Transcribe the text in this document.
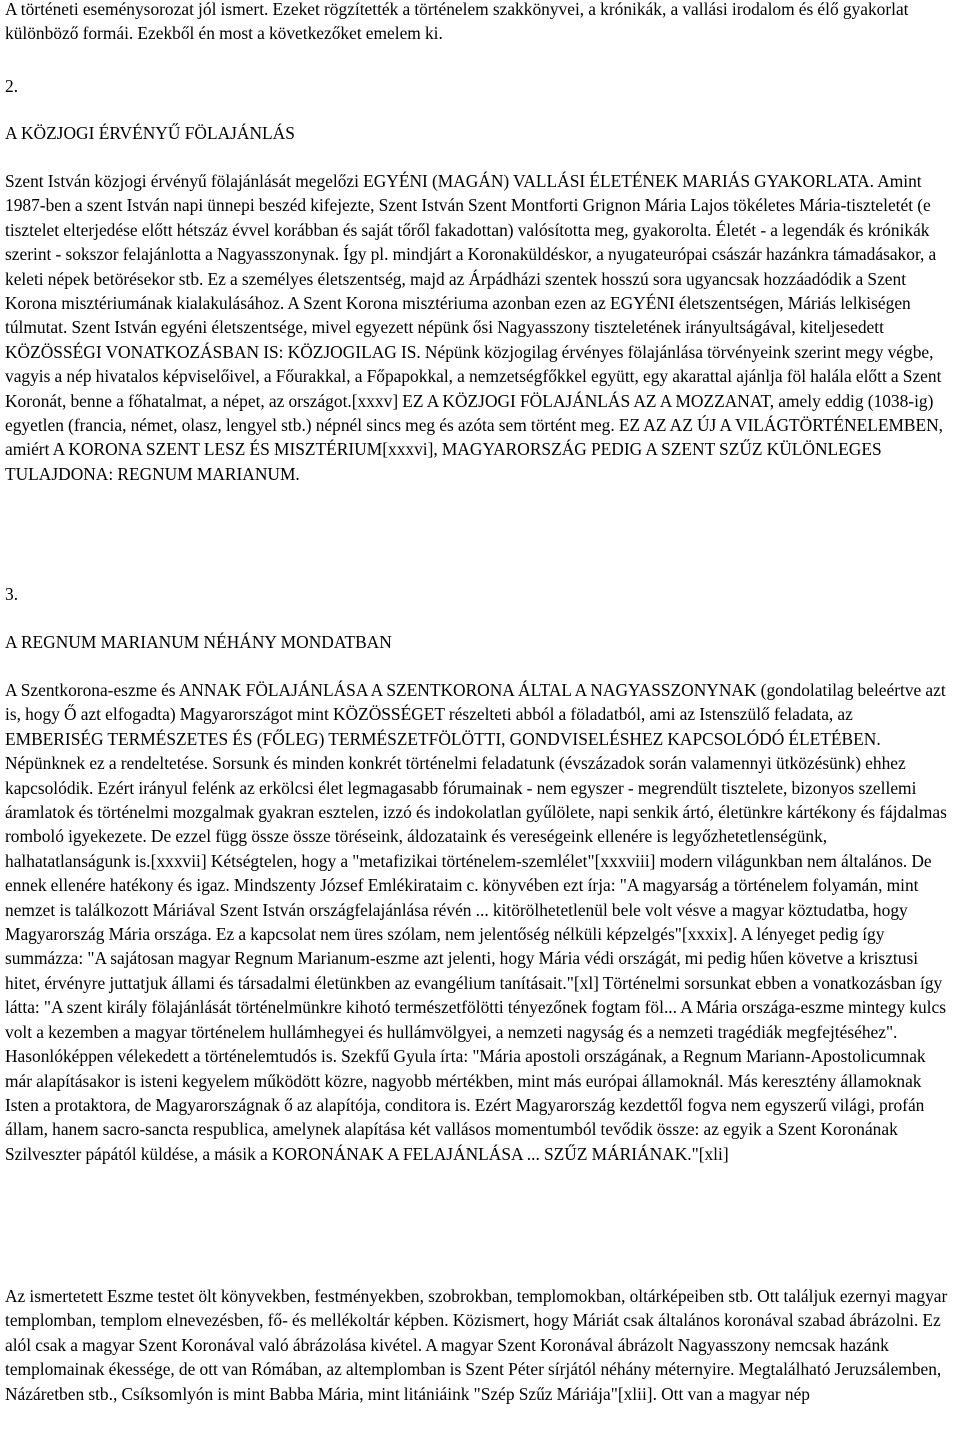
A történeti eseménysorozat jól ismert. Ezeket rögzítették a történelem szakkönyvei, a krónikák, a vallási irodalom és élő gyakorlat különböző formái. Ezekből én most a következőket emelem ki.

2.

A KÖZJOGI ÉRVÉNYŰ FÖLAJÁNLÁS

Szent István közjogi érvényű fölajánlását megelőzi EGYÉNI (MAGÁN) VALLÁSI ÉLETÉNEK MARIÁS GYAKORLATA. Amint 1987-ben a szent István napi ünnepi beszéd kifejezte, Szent István Szent Montforti Grignon Mária Lajos tökéletes Mária-tiszteletét (e tisztelet elterjedése előtt hétszáz évvel korábban és saját tőről fakadottan) valósította meg, gyakorolta. Életét - a legendák és krónikák szerint - sokszor felajánlotta a Nagyasszonynak. Így pl. mindjárt a Koronaküldéskor, a nyugateurópai császár hazánkra támadásakor, a keleti népek betörésekor stb. Ez a személyes életszentség, majd az Árpádházi szentek hosszú sora ugyancsak hozzáadódik a Szent Korona misztériumának kialakulásához. A Szent Korona misztériuma azonban ezen az EGYÉNI életszentségen, Máriás lelkiségen túlmutat. Szent István egyéni életszentsége, mivel egyezett népünk ősi Nagyasszony tiszteletének irányultságával, kiteljesedett KÖZÖSSÉGI VONATKOZÁSBAN IS: KÖZJOGILAG IS. Népünk közjogilag érvényes fölajánlása törvényeink szerint megy végbe, vagyis a nép hivatalos képviselőivel, a Főurakkal, a Főpapokkal, a nemzetségfőkkel együtt, egy akarattal ajánlja föl halála előtt a Szent Koronát, benne a főhatalmat, a népet, az országot.[xxxv] EZ A KÖZJOGI FÖLAJÁNLÁS AZ A MOZZANAT, amely eddig (1038-ig) egyetlen (francia, német, olasz, lengyel stb.) népnél sincs meg és azóta sem történt meg. EZ AZ AZ ÚJ A VILÁGTÖRTÉNELEMBEN, amiért A KORONA SZENT LESZ ÉS MISZTÉRIUM[xxxvi], MAGYARORSZÁG PEDIG A SZENT SZŰZ KÜLÖNLEGES TULAJDONA: REGNUM MARIANUM.

3.

A REGNUM MARIANUM NÉHÁNY MONDATBAN

A Szentkorona-eszme és ANNAK FÖLAJÁNLÁSA A SZENTKORONA ÁLTAL A NAGYASSZONYNAK (gondolatilag beleértve azt is, hogy Ő azt elfogadta) Magyarországot mint KÖZÖSSÉGET részelteti abból a föladatból, ami az Istenszülő feladata, az EMBERISÉG TERMÉSZETES ÉS (FŐLEG) TERMÉSZETFÖLÖTTI, GONDVISELÉSHEZ KAPCSOLÓDÓ ÉLETÉBEN. Népünknek ez a rendeltetése. Sorsunk és minden konkrét történelmi feladatunk (évszázadok során valamennyi ütközésünk) ehhez kapcsolódik. Ezért irányul felénk az erkölcsi élet legmagasabb fórumainak - nem egyszer - megrendült tisztelete, bizonyos szellemi áramlatok és történelmi mozgalmak gyakran esztelen, izzó és indokolatlan gyűlölete, napi senkik ártó, életünkre kártékony és fájdalmas romboló igyekezete. De ezzel függ össze össze töréseink, áldozataink és vereségeink ellenére is legyőzhetetlenségünk, halhatatlanságunk is.[xxxvii] Kétségtelen, hogy a "metafizikai történelem-szemlélet"[xxxviii] modern világunkban nem általános. De ennek ellenére hatékony és igaz. Mindszenty József Emlékirataim c. könyvében ezt írja: "A magyarság a történelem folyamán, mint nemzet is találkozott Máriával Szent István országfelajánlása révén ... kitörölhetetlenül bele volt vésve a magyar köztudatba, hogy Magyarország Mária országa. Ez a kapcsolat nem üres szólam, nem jelentőség nélküli képzelgés"[xxxix]. A lényeget pedig így summázza: "A sajátosan magyar Regnum Marianum-eszme azt jelenti, hogy Mária védi országát, mi pedig hűen követve a krisztusi hitet, érvényre juttatjuk állami és társadalmi életünkben az evangélium tanításait."[xl] Történelmi sorsunkat ebben a vonatkozásban így látta: "A szent király fölajánlását történelmünkre kihotó természetfölötti tényezőnek fogtam föl... A Mária országa-eszme mintegy kulcs volt a kezemben a magyar történelem hullámhegyei és hullámvölgyei, a nemzeti nagyság és a nemzeti tragédiák megfejtéséhez". Hasonlóképpen vélekedett a történelemtudós is. Szekfű Gyula írta: "Mária apostoli országának, a Regnum Mariann-Apostolicumnak már alapításakor is isteni kegyelem működött közre, nagyobb mértékben, mint más európai államoknál. Más keresztény államoknak Isten a protaktora, de Magyarországnak ő az alapítója, conditora is. Ezért Magyarország kezdettől fogva nem egyszerű világi, profán állam, hanem sacro-sancta respublica, amelynek alapítása két vallásos momentumból tevődik össze: az egyik a Szent Koronának Szilveszter pápától küldése, a másik a KORONÁNAK A FELAJÁNLÁSA ... SZŰZ MÁRIÁNAK."[xli]

Az ismertetett Eszme testet ölt könyvekben, festményekben, szobrokban, templomokban, oltárképeiben stb. Ott találjuk ezernyi magyar templomban, templom elnevezésben, fő- és mellékoltár képben. Közismert, hogy Máriát csak általános koronával szabad ábrázolni. Ez alól csak a magyar Szent Koronával való ábrázolása kivétel. A magyar Szent Koronával ábrázolt Nagyasszony nemcsak hazánk templomainak ékessége, de ott van Rómában, az altemplomban is Szent Péter sírjától néhány méternyire. Megtalálható Jeruzsálemben, Názáretben stb., Csíksomlyón is mint Babba Mária, mint litániáink "Szép Szűz Máriája"[xlii]. Ott van a magyar nép
